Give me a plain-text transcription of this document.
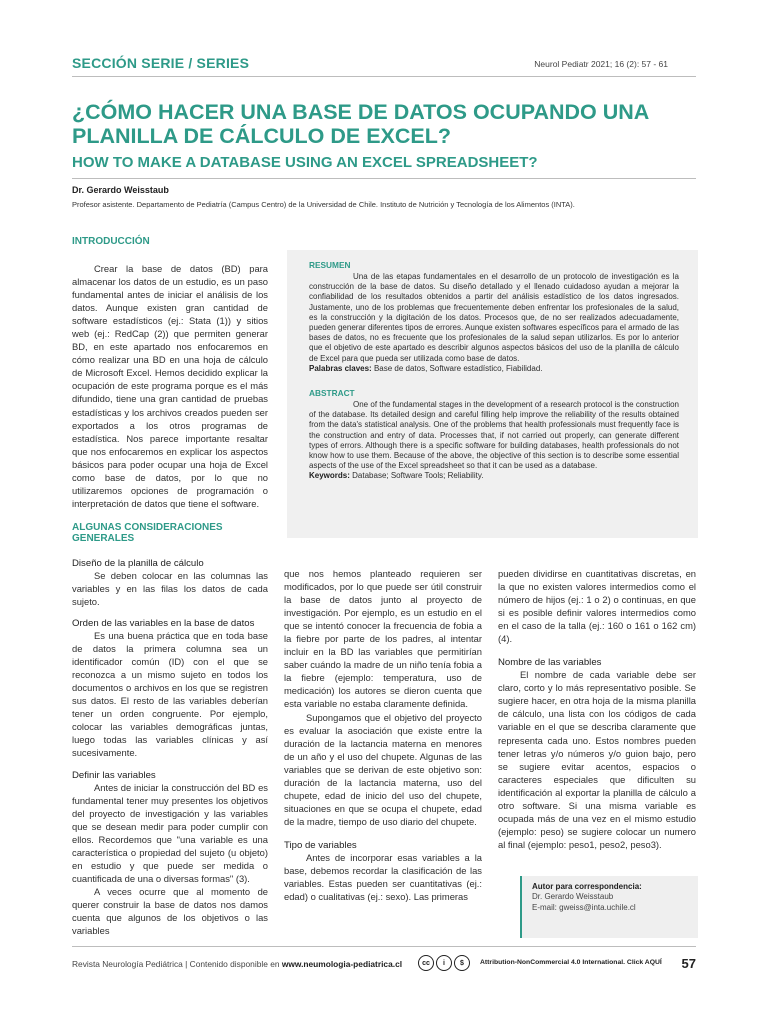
SECCIÓN SERIE / SERIES	Neurol Pediatr 2021; 16 (2): 57 - 61
¿CÓMO HACER UNA BASE DE DATOS OCUPANDO UNA PLANILLA DE CÁLCULO DE EXCEL?
HOW TO MAKE A DATABASE USING AN EXCEL SPREADSHEET?
Dr. Gerardo Weisstaub
Profesor asistente. Departamento de Pediatría (Campus Centro) de la Universidad de Chile. Instituto de Nutrición y Tecnología de los Alimentos (INTA).
INTRODUCCIÓN

Crear la base de datos (BD) para almacenar los datos de un estudio, es un paso fundamental antes de iniciar el análisis de los datos. Aunque existen gran cantidad de software estadísticos (ej.: Stata (1)) y sitios web (ej.: RedCap (2)) que permiten generar BD, en este apartado nos enfocaremos en cómo realizar una BD en una hoja de cálculo de Microsoft Excel. Hemos decidido explicar la ocupación de este programa porque es el más difundido, tiene una gran cantidad de pruebas estadísticas y los archivos creados pueden ser exportados a los otros programas de estadística. Nos parece importante resaltar que nos enfocaremos en explicar los aspectos básicos para poder ocupar una hoja de Excel como base de datos, por lo que no utilizaremos opciones de programación o interpretación de datos que tiene el software.

ALGUNAS CONSIDERACIONES GENERALES

Diseño de la planilla de cálculo

Se deben colocar en las columnas las variables y en las filas los datos de cada sujeto.

Orden de las variables en la base de datos

Es una buena práctica que en toda base de datos la primera columna sea un identificador común (ID) con el que se reconozca a un mismo sujeto en todos los documentos o archivos en los que se registren sus datos. El resto de las variables deberían tener un orden congruente. Por ejemplo, colocar las variables demográficas juntas, luego todas las variables clínicas y así sucesivamente.

Definir las variables

Antes de iniciar la construcción del BD es fundamental tener muy presentes los objetivos del proyecto de investigación y las variables que se desean medir para poder cumplir con ellos. Recordemos que "una variable es una característica o propiedad del sujeto (u objeto) en estudio y que puede ser medida o cuantificada de una o diversas formas" (3).

A veces ocurre que al momento de querer construir la base de datos nos damos cuenta que algunos de los objetivos o las variables

RESUMEN

Una de las etapas fundamentales en el desarrollo de un protocolo de investigación es la construcción de la base de datos. Su diseño detallado y el llenado cuidadoso ayudan a mejorar la confiabilidad de los resultados obtenidos a partir del análisis estadístico de los datos ingresados. Justamente, uno de los problemas que frecuentemente deben enfrentar los profesionales de la salud, es la construcción y la digitación de los datos. Procesos que, de no ser realizados adecuadamente, pueden generar diferentes tipos de errores. Aunque existen softwares específicos para el armado de las bases de datos, no es frecuente que los profesionales de la salud sepan utilizarlos. Es por lo anterior que el objetivo de este apartado es describir algunos aspectos básicos del uso de la planilla de cálculo de Excel para que pueda ser utilizada como base de datos.

Palabras claves: Base de datos, Software estadístico, Fiabilidad.

ABSTRACT

One of the fundamental stages in the development of a research protocol is the construction of the database. Its detailed design and careful filling help improve the reliability of the results obtained from the data's statistical analysis. One of the problems that health professionals must frequently face is the construction and entry of data. Processes that, if not carried out properly, can generate different types of errors. Although there is a specific software for building databases, health professionals do not know how to use them. Because of the above, the objective of this section is to describe some essential aspects of the use of the Excel spreadsheet so that it can be used as a database.

Keywords: Database; Software Tools; Reliability.

que nos hemos planteado requieren ser modificados, por lo que puede ser útil construir la base de datos junto al proyecto de investigación. Por ejemplo, es un estudio en el que se intentó conocer la frecuencia de fobia a la fiebre por parte de los padres, al intentar incluir en la BD las variables que permitirían saber cuándo la madre de un niño tenía fobia a la fiebre (ejemplo: temperatura, uso de medicación) los autores se dieron cuenta que esta variable no estaba claramente definida.

Supongamos que el objetivo del proyecto es evaluar la asociación que existe entre la duración de la lactancia materna en menores de un año y el uso del chupete. Algunas de las variables que se derivan de este objetivo son: duración de la lactancia materna, uso del chupete, edad de inicio del uso del chupete, situaciones en que se ocupa el chupete, edad de la madre, tiempo de uso diario del chupete.

Tipo de variables

Antes de incorporar esas variables a la base, debemos recordar la clasificación de las variables. Estas pueden ser cuantitativas (ej.: edad) o cualitativas (ej.: sexo). Las primeras

pueden dividirse en cuantitativas discretas, en la que no existen valores intermedios como el número de hijos (ej.: 1 o 2) o continuas, en que si es posible definir valores intermedios como en el caso de la talla (ej.: 160 o 161 o 162 cm) (4).

Nombre de las variables

El nombre de cada variable debe ser claro, corto y lo más representativo posible. Se sugiere hacer, en otra hoja de la misma planilla de cálculo, una lista con los códigos de cada variable en el que se describa claramente que representa cada uno. Estos nombres pueden tener letras y/o números y/o guion bajo, pero se sugiere evitar acentos, espacios o caracteres especiales que dificulten su identificación al exportar la planilla de cálculo a otro software. Si una misma variable es ocupada más de una vez en el mismo estudio (ejemplo: peso) se sugiere colocar un numero al final (ejemplo: peso1, peso2, peso3).

Autor para correspondencia:

Dr. Gerardo Weisstaub

E-mail: gweiss@inta.uchile.cl

Revista Neurología Pediátrica | Contenido disponible en www.neumologia-pediatrica.cl	cc	i	$	Attribution-NonCommercial 4.0 International. Click AQUÍ 57
